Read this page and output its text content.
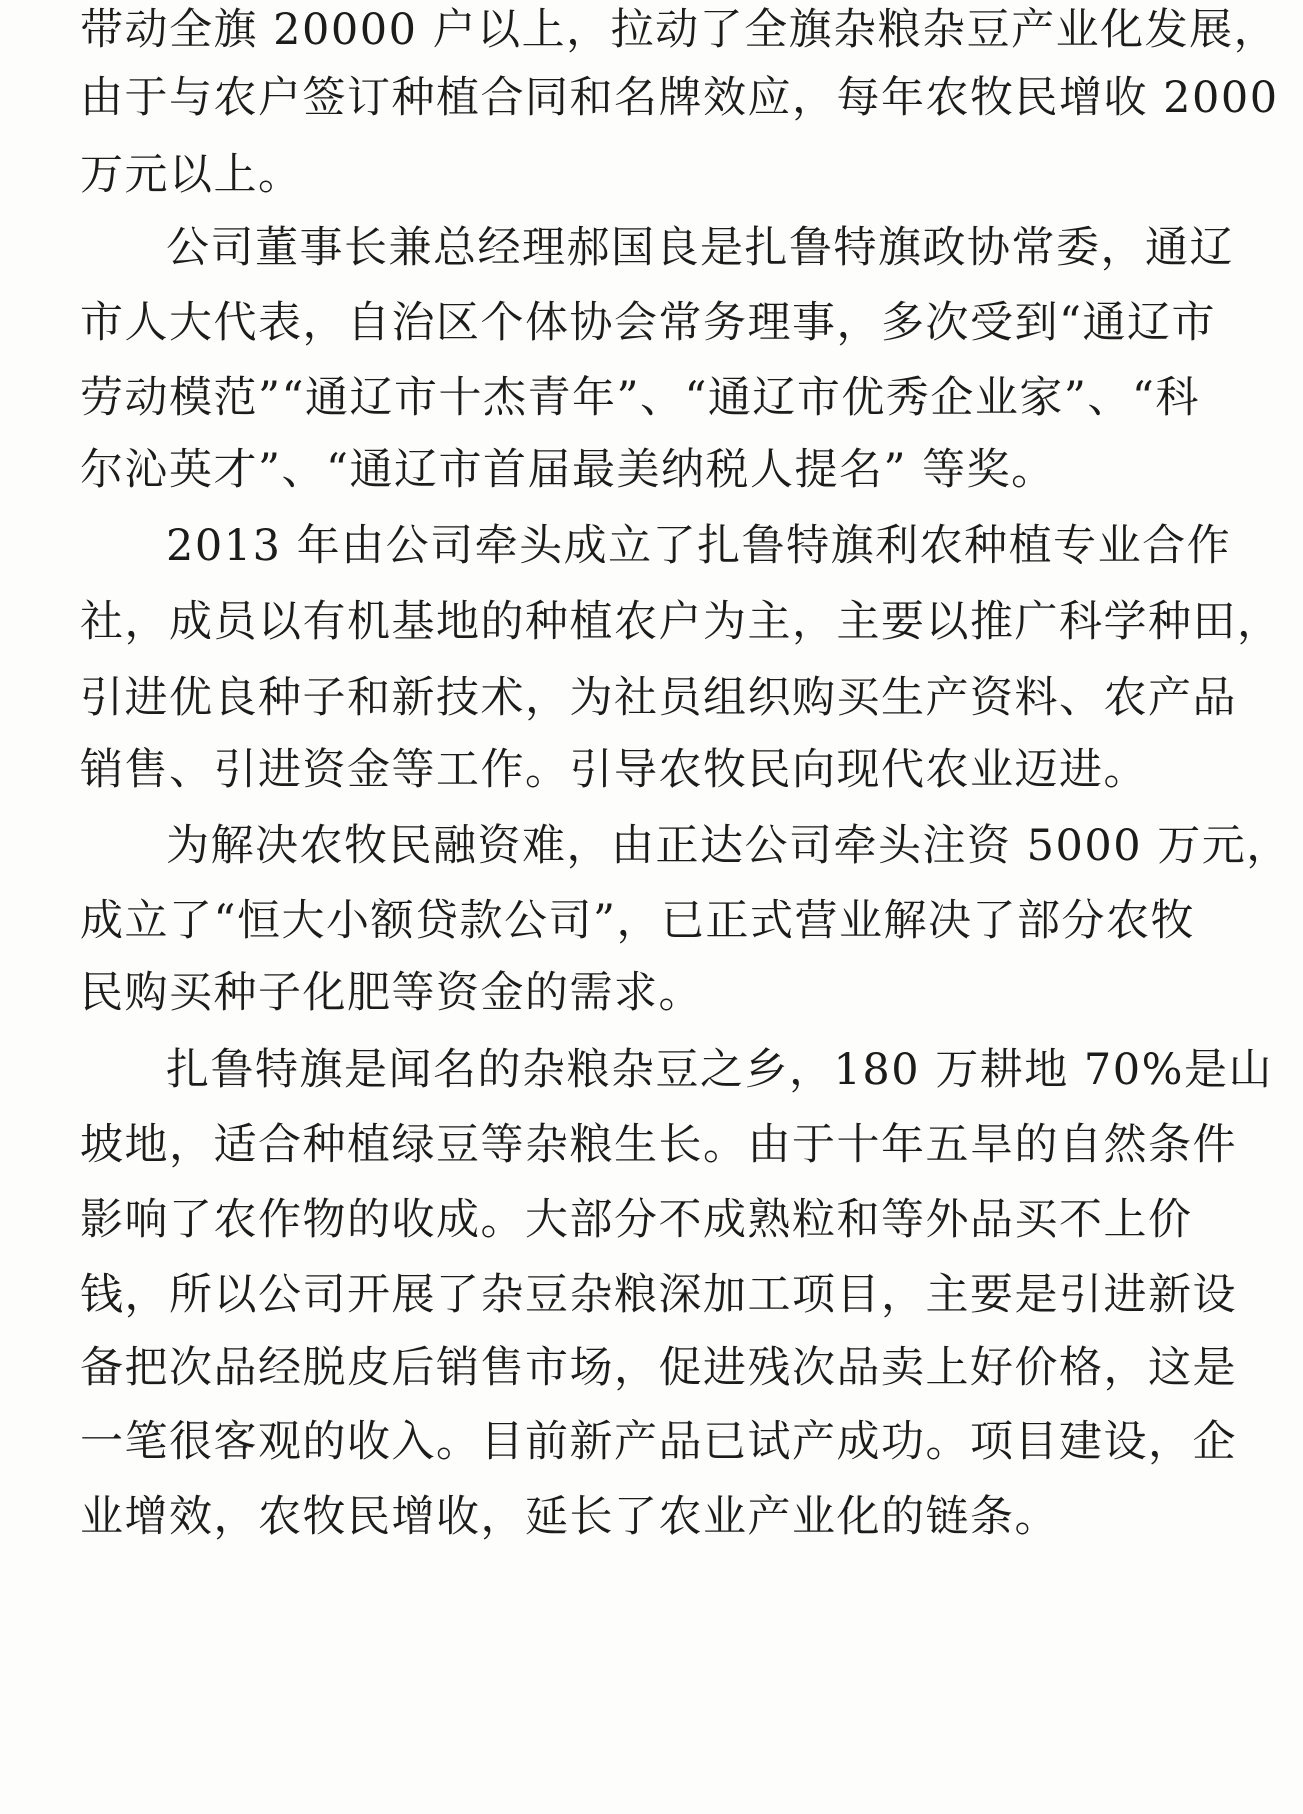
带动全旗 20000 户以上，拉动了全旗杂粮杂豆产业化发展，
由于与农户签订种植合同和名牌效应，每年农牧民增收 2000
万元以上。
公司董事长兼总经理郝国良是扎鲁特旗政协常委，通辽
市人大代表，自治区个体协会常务理事，多次受到“通辽市
劳动模范”“通辽市十杰青年”、“通辽市优秀企业家”、“科
尔沁英才”、“通辽市首届最美纳税人提名” 等奖。
2013 年由公司牵头成立了扎鲁特旗利农种植专业合作
社，成员以有机基地的种植农户为主，主要以推广科学种田，
引进优良种子和新技术，为社员组织购买生产资料、农产品
销售、引进资金等工作。引导农牧民向现代农业迈进。
为解决农牧民融资难，由正达公司牵头注资 5000 万元，
成立了“恒大小额贷款公司”，已正式营业解决了部分农牧
民购买种子化肥等资金的需求。
扎鲁特旗是闻名的杂粮杂豆之乡，180 万耕地 70%是山
坡地，适合种植绿豆等杂粮生长。由于十年五旱的自然条件
影响了农作物的收成。大部分不成熟粒和等外品买不上价
钱，所以公司开展了杂豆杂粮深加工项目，主要是引进新设
备把次品经脱皮后销售市场，促进残次品卖上好价格，这是
一笔很客观的收入。目前新产品已试产成功。项目建设，企
业增效，农牧民增收，延长了农业产业化的链条。
